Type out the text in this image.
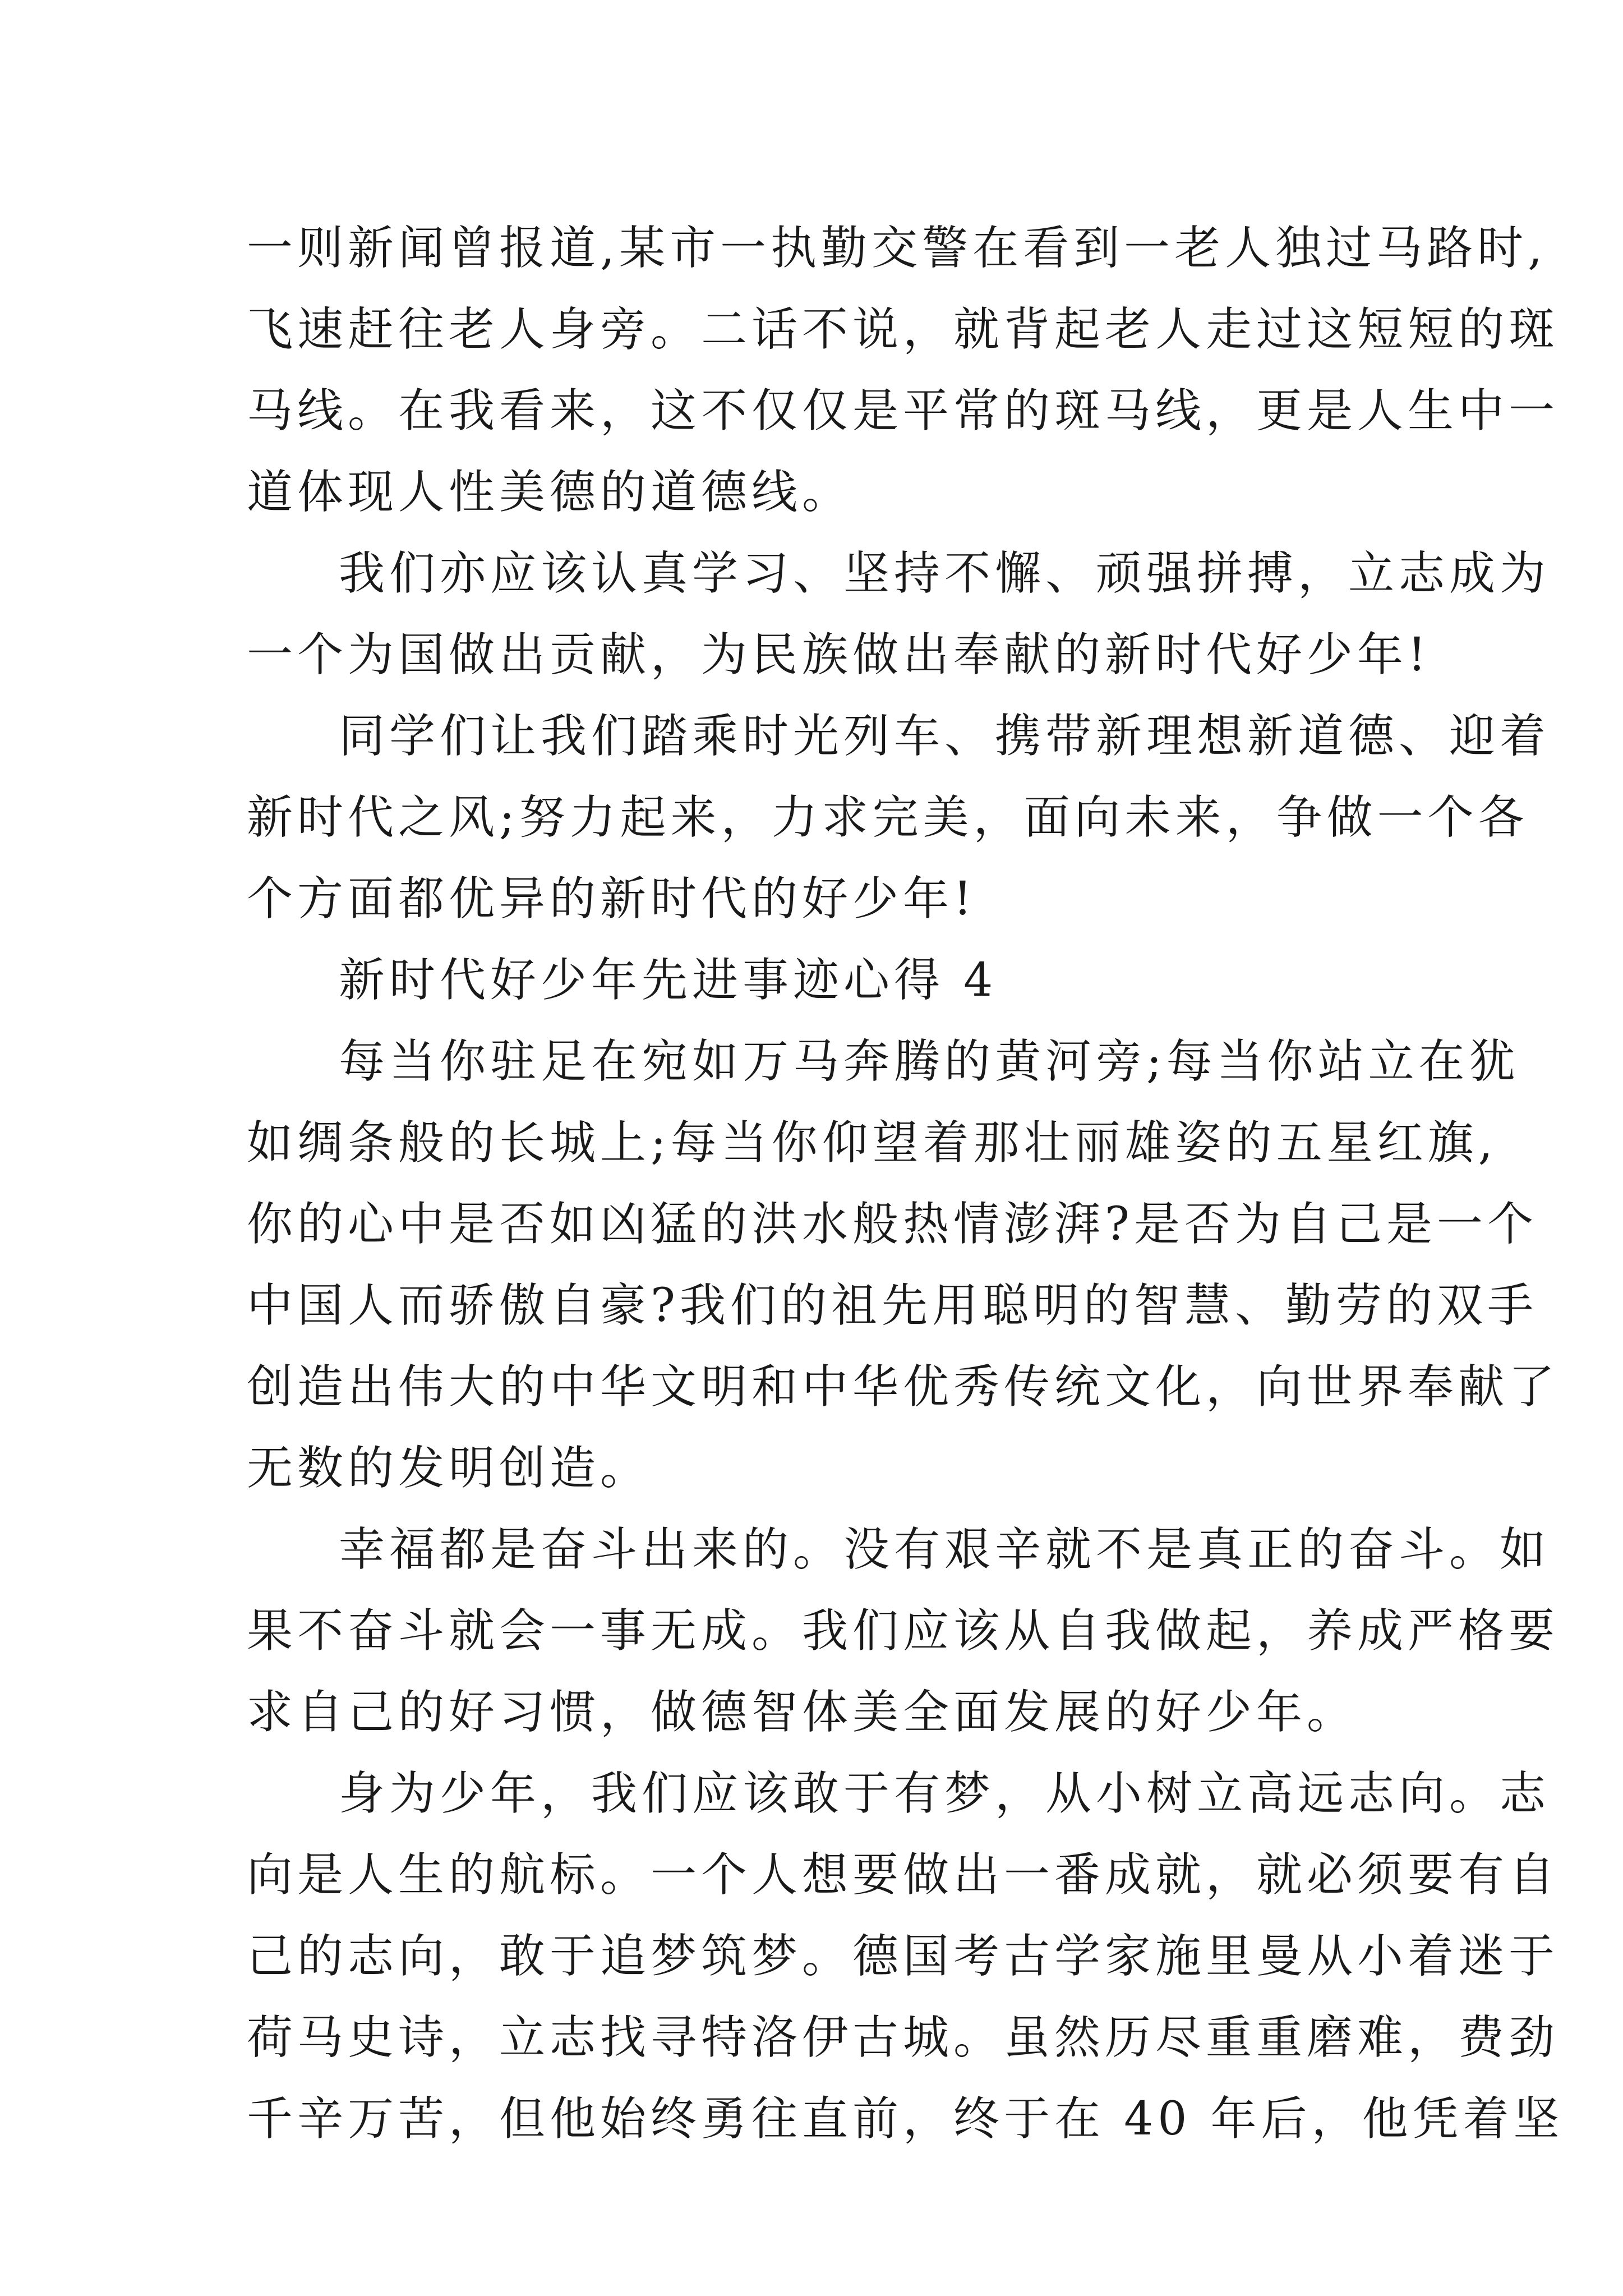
一则新闻曾报道,某市一执勤交警在看到一老人独过马路时,
飞速赶往老人身旁。二话不说，就背起老人走过这短短的斑
马线。在我看来，这不仅仅是平常的斑马线，更是人生中一
道体现人性美德的道德线。
我们亦应该认真学习、坚持不懈、顽强拼搏，立志成为
一个为国做出贡献，为民族做出奉献的新时代好少年!
同学们让我们踏乘时光列车、携带新理想新道德、迎着
新时代之风;努力起来，力求完美，面向未来，争做一个各
个方面都优异的新时代的好少年!
新时代好少年先进事迹心得 4
每当你驻足在宛如万马奔腾的黄河旁;每当你站立在犹
如绸条般的长城上;每当你仰望着那壮丽雄姿的五星红旗,
你的心中是否如凶猛的洪水般热情澎湃?是否为自己是一个
中国人而骄傲自豪?我们的祖先用聪明的智慧、勤劳的双手
创造出伟大的中华文明和中华优秀传统文化，向世界奉献了
无数的发明创造。
幸福都是奋斗出来的。没有艰辛就不是真正的奋斗。如
果不奋斗就会一事无成。我们应该从自我做起，养成严格要
求自己的好习惯，做德智体美全面发展的好少年。
身为少年，我们应该敢于有梦，从小树立高远志向。志
向是人生的航标。一个人想要做出一番成就，就必须要有自
己的志向，敢于追梦筑梦。德国考古学家施里曼从小着迷于
荷马史诗，立志找寻特洛伊古城。虽然历尽重重磨难，费劲
千辛万苦，但他始终勇往直前，终于在 40 年后，他凭着坚
